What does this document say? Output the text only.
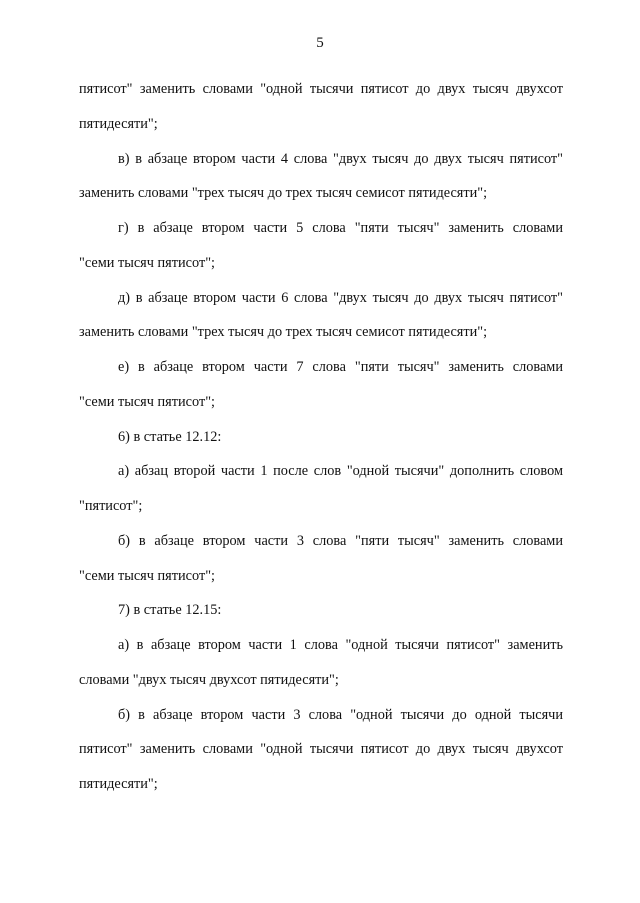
5
пятисот" заменить словами "одной тысячи пятисот до двух тысяч двухсот
пятидесяти";
в) в абзаце втором части 4 слова "двух тысяч до двух тысяч пятисот"
заменить словами "трех тысяч до трех тысяч семисот пятидесяти";
г) в абзаце втором части 5 слова "пяти тысяч" заменить словами
"семи тысяч пятисот";
д) в абзаце втором части 6 слова "двух тысяч до двух тысяч пятисот"
заменить словами "трех тысяч до трех тысяч семисот пятидесяти";
е) в абзаце втором части 7 слова "пяти тысяч" заменить словами
"семи тысяч пятисот";
6) в статье 12.12:
а) абзац второй части 1 после слов "одной тысячи" дополнить словом
"пятисот";
б) в абзаце втором части 3 слова "пяти тысяч" заменить словами
"семи тысяч пятисот";
7) в статье 12.15:
а) в абзаце втором части 1 слова "одной тысячи пятисот" заменить
словами "двух тысяч двухсот пятидесяти";
б) в абзаце втором части 3 слова "одной тысячи до одной тысячи
пятисот" заменить словами "одной тысячи пятисот до двух тысяч двухсот
пятидесяти";
